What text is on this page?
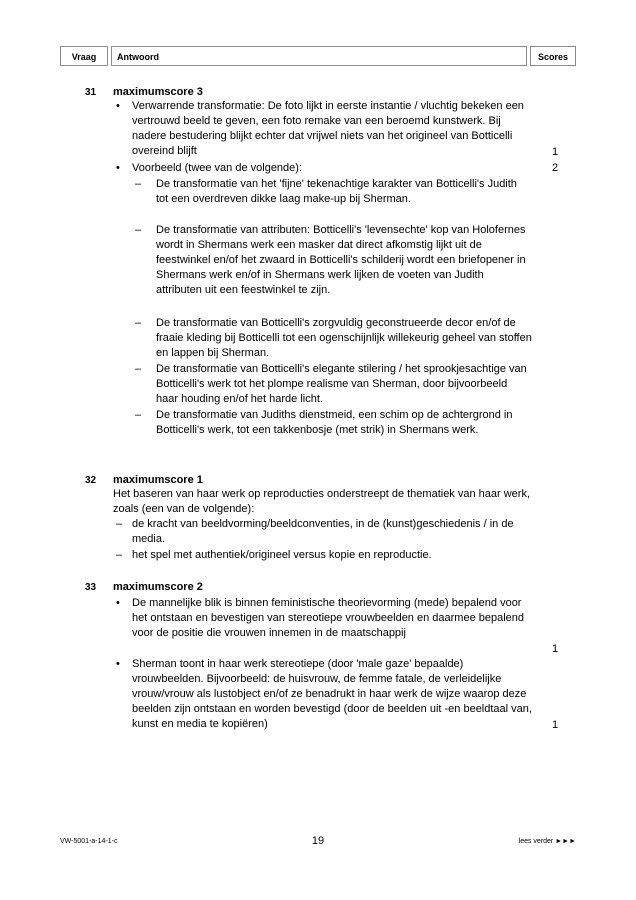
Vraag	Antwoord	Scores
31 maximumscore 3
• Verwarrende transformatie: De foto lijkt in eerste instantie / vluchtig bekeken een vertrouwd beeld te geven, een foto remake van een beroemd kunstwerk. Bij nadere bestudering blijkt echter dat vrijwel niets van het origineel van Botticelli overeind blijft	1
• Voorbeeld (twee van de volgende):	2
– De transformatie van het 'fijne' tekenachtige karakter van Botticelli's Judith tot een overdreven dikke laag make-up bij Sherman.
– De transformatie van attributen: Botticelli's 'levensechte' kop van Holofernes wordt in Shermans werk een masker dat direct afkomstig lijkt uit de feestwinkel en/of het zwaard in Botticelli's schilderij wordt een briefopener in Shermans werk en/of in Shermans werk lijken de voeten van Judith attributen uit een feestwinkel te zijn.
– De transformatie van Botticelli's zorgvuldig geconstrueerde decor en/of de fraaie kleding bij Botticelli tot een ogenschijnlijk willekeurig geheel van stoffen en lappen bij Sherman.
– De transformatie van Botticelli's elegante stilering / het sprookjesachtige van Botticelli's werk tot het plompe realisme van Sherman, door bijvoorbeeld haar houding en/of het harde licht.
– De transformatie van Judiths dienstmeid, een schim op de achtergrond in Botticelli's werk, tot een takkenbosje (met strik) in Shermans werk.
32 maximumscore 1
Het baseren van haar werk op reproducties onderstreept de thematiek van haar werk, zoals (een van de volgende):
– de kracht van beeldvorming/beeldconventies, in de (kunst)geschiedenis / in de media.
– het spel met authentiek/origineel versus kopie en reproductie.
33 maximumscore 2
• De mannelijke blik is binnen feministische theorievorming (mede) bepalend voor het ontstaan en bevestigen van stereotiepe vrouwbeelden en daarmee bepalend voor de positie die vrouwen innemen in de maatschappij
1
• Sherman toont in haar werk stereotiepe (door 'male gaze' bepaalde) vrouwbeelden. Bijvoorbeeld: de huisvrouw, de femme fatale, de verleidelijke vrouw/vrouw als lustobject en/of ze benadrukt in haar werk de wijze waarop deze beelden zijn ontstaan en worden bevestigd (door de beelden uit -en beeldtaal van, kunst en media te kopiëren)	1
VW-5001-a-14-1-c	19	lees verder ►►►
